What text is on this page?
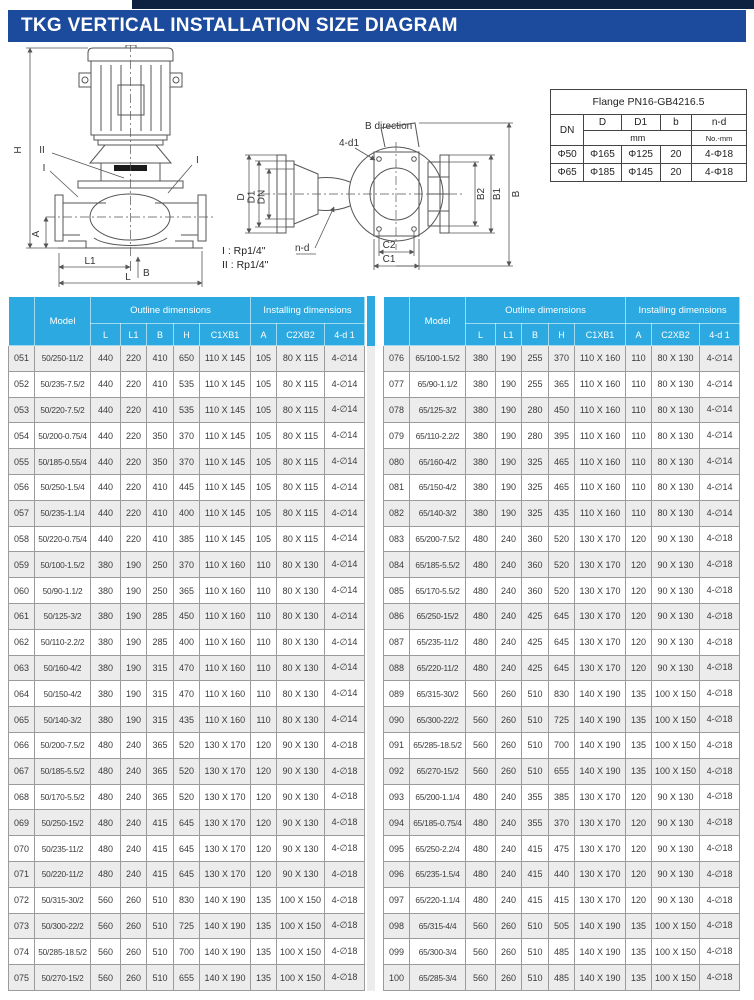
TKG VERTICAL INSTALLATION SIZE DIAGRAM
H
A
L1
L B
II
I
I
B direction
4-d1
D D1 DN
n-d
B2 B1 B
C2
C1
I : Rp1/4"
II : Rp1/4"
Flange PN16-GB4216.5				
DN	D	D1	b	n-d
	mm			No.-mm
Φ50	Φ165	Φ125	20	4-Φ18
Φ65	Φ185	Φ145	20	4-Φ18
	Model	Outline dimensions					Installing dimensions		
		L	L1	B	H	C1XB1	A	C2XB2	4-d 1
051	50/250-11/2	440	220	410	650	110 X 145	105	80 X 115	4-∅14
052	50/235-7.5/2	440	220	410	535	110 X 145	105	80 X 115	4-∅14
053	50/220-7.5/2	440	220	410	535	110 X 145	105	80 X 115	4-∅14
054	50/200-0.75/4	440	220	350	370	110 X 145	105	80 X 115	4-∅14
055	50/185-0.55/4	440	220	350	370	110 X 145	105	80 X 115	4-∅14
056	50/250-1.5/4	440	220	410	445	110 X 145	105	80 X 115	4-∅14
057	50/235-1.1/4	440	220	410	400	110 X 145	105	80 X 115	4-∅14
058	50/220-0.75/4	440	220	410	385	110 X 145	105	80 X 115	4-∅14
059	50/100-1.5/2	380	190	250	370	110 X 160	110	80 X 130	4-∅14
060	50/90-1.1/2	380	190	250	365	110 X 160	110	80 X 130	4-∅14
061	50/125-3/2	380	190	285	450	110 X 160	110	80 X 130	4-∅14
062	50/110-2.2/2	380	190	285	400	110 X 160	110	80 X 130	4-∅14
063	50/160-4/2	380	190	315	470	110 X 160	110	80 X 130	4-∅14
064	50/150-4/2	380	190	315	470	110 X 160	110	80 X 130	4-∅14
065	50/140-3/2	380	190	315	435	110 X 160	110	80 X 130	4-∅14
066	50/200-7.5/2	480	240	365	520	130 X 170	120	90 X 130	4-∅18
067	50/185-5.5/2	480	240	365	520	130 X 170	120	90 X 130	4-∅18
068	50/170-5.5/2	480	240	365	520	130 X 170	120	90 X 130	4-∅18
069	50/250-15/2	480	240	415	645	130 X 170	120	90 X 130	4-∅18
070	50/235-11/2	480	240	415	645	130 X 170	120	90 X 130	4-∅18
071	50/220-11/2	480	240	415	645	130 X 170	120	90 X 130	4-∅18
072	50/315-30/2	560	260	510	830	140 X 190	135	100 X 150	4-∅18
073	50/300-22/2	560	260	510	725	140 X 190	135	100 X 150	4-∅18
074	50/285-18.5/2	560	260	510	700	140 X 190	135	100 X 150	4-∅18
075	50/270-15/2	560	260	510	655	140 X 190	135	100 X 150	4-∅18
	Model	Outline dimensions					Installing dimensions		
		L	L1	B	H	C1XB1	A	C2XB2	4-d 1
076	65/100-1.5/2	380	190	255	370	110 X 160	110	80 X 130	4-∅14
077	65/90-1.1/2	380	190	255	365	110 X 160	110	80 X 130	4-∅14
078	65/125-3/2	380	190	280	450	110 X 160	110	80 X 130	4-∅14
079	65/110-2.2/2	380	190	280	395	110 X 160	110	80 X 130	4-∅14
080	65/160-4/2	380	190	325	465	110 X 160	110	80 X 130	4-∅14
081	65/150-4/2	380	190	325	465	110 X 160	110	80 X 130	4-∅14
082	65/140-3/2	380	190	325	435	110 X 160	110	80 X 130	4-∅14
083	65/200-7.5/2	480	240	360	520	130 X 170	120	90 X 130	4-∅18
084	65/185-5.5/2	480	240	360	520	130 X 170	120	90 X 130	4-∅18
085	65/170-5.5/2	480	240	360	520	130 X 170	120	90 X 130	4-∅18
086	65/250-15/2	480	240	425	645	130 X 170	120	90 X 130	4-∅18
087	65/235-11/2	480	240	425	645	130 X 170	120	90 X 130	4-∅18
088	65/220-11/2	480	240	425	645	130 X 170	120	90 X 130	4-∅18
089	65/315-30/2	560	260	510	830	140 X 190	135	100 X 150	4-∅18
090	65/300-22/2	560	260	510	725	140 X 190	135	100 X 150	4-∅18
091	65/285-18.5/2	560	260	510	700	140 X 190	135	100 X 150	4-∅18
092	65/270-15/2	560	260	510	655	140 X 190	135	100 X 150	4-∅18
093	65/200-1.1/4	480	240	355	385	130 X 170	120	90 X 130	4-∅18
094	65/185-0.75/4	480	240	355	370	130 X 170	120	90 X 130	4-∅18
095	65/250-2.2/4	480	240	415	475	130 X 170	120	90 X 130	4-∅18
096	65/235-1.5/4	480	240	415	440	130 X 170	120	90 X 130	4-∅18
097	65/220-1.1/4	480	240	415	415	130 X 170	120	90 X 130	4-∅18
098	65/315-4/4	560	260	510	505	140 X 190	135	100 X 150	4-∅18
099	65/300-3/4	560	260	510	485	140 X 190	135	100 X 150	4-∅18
100	65/285-3/4	560	260	510	485	140 X 190	135	100 X 150	4-∅18
